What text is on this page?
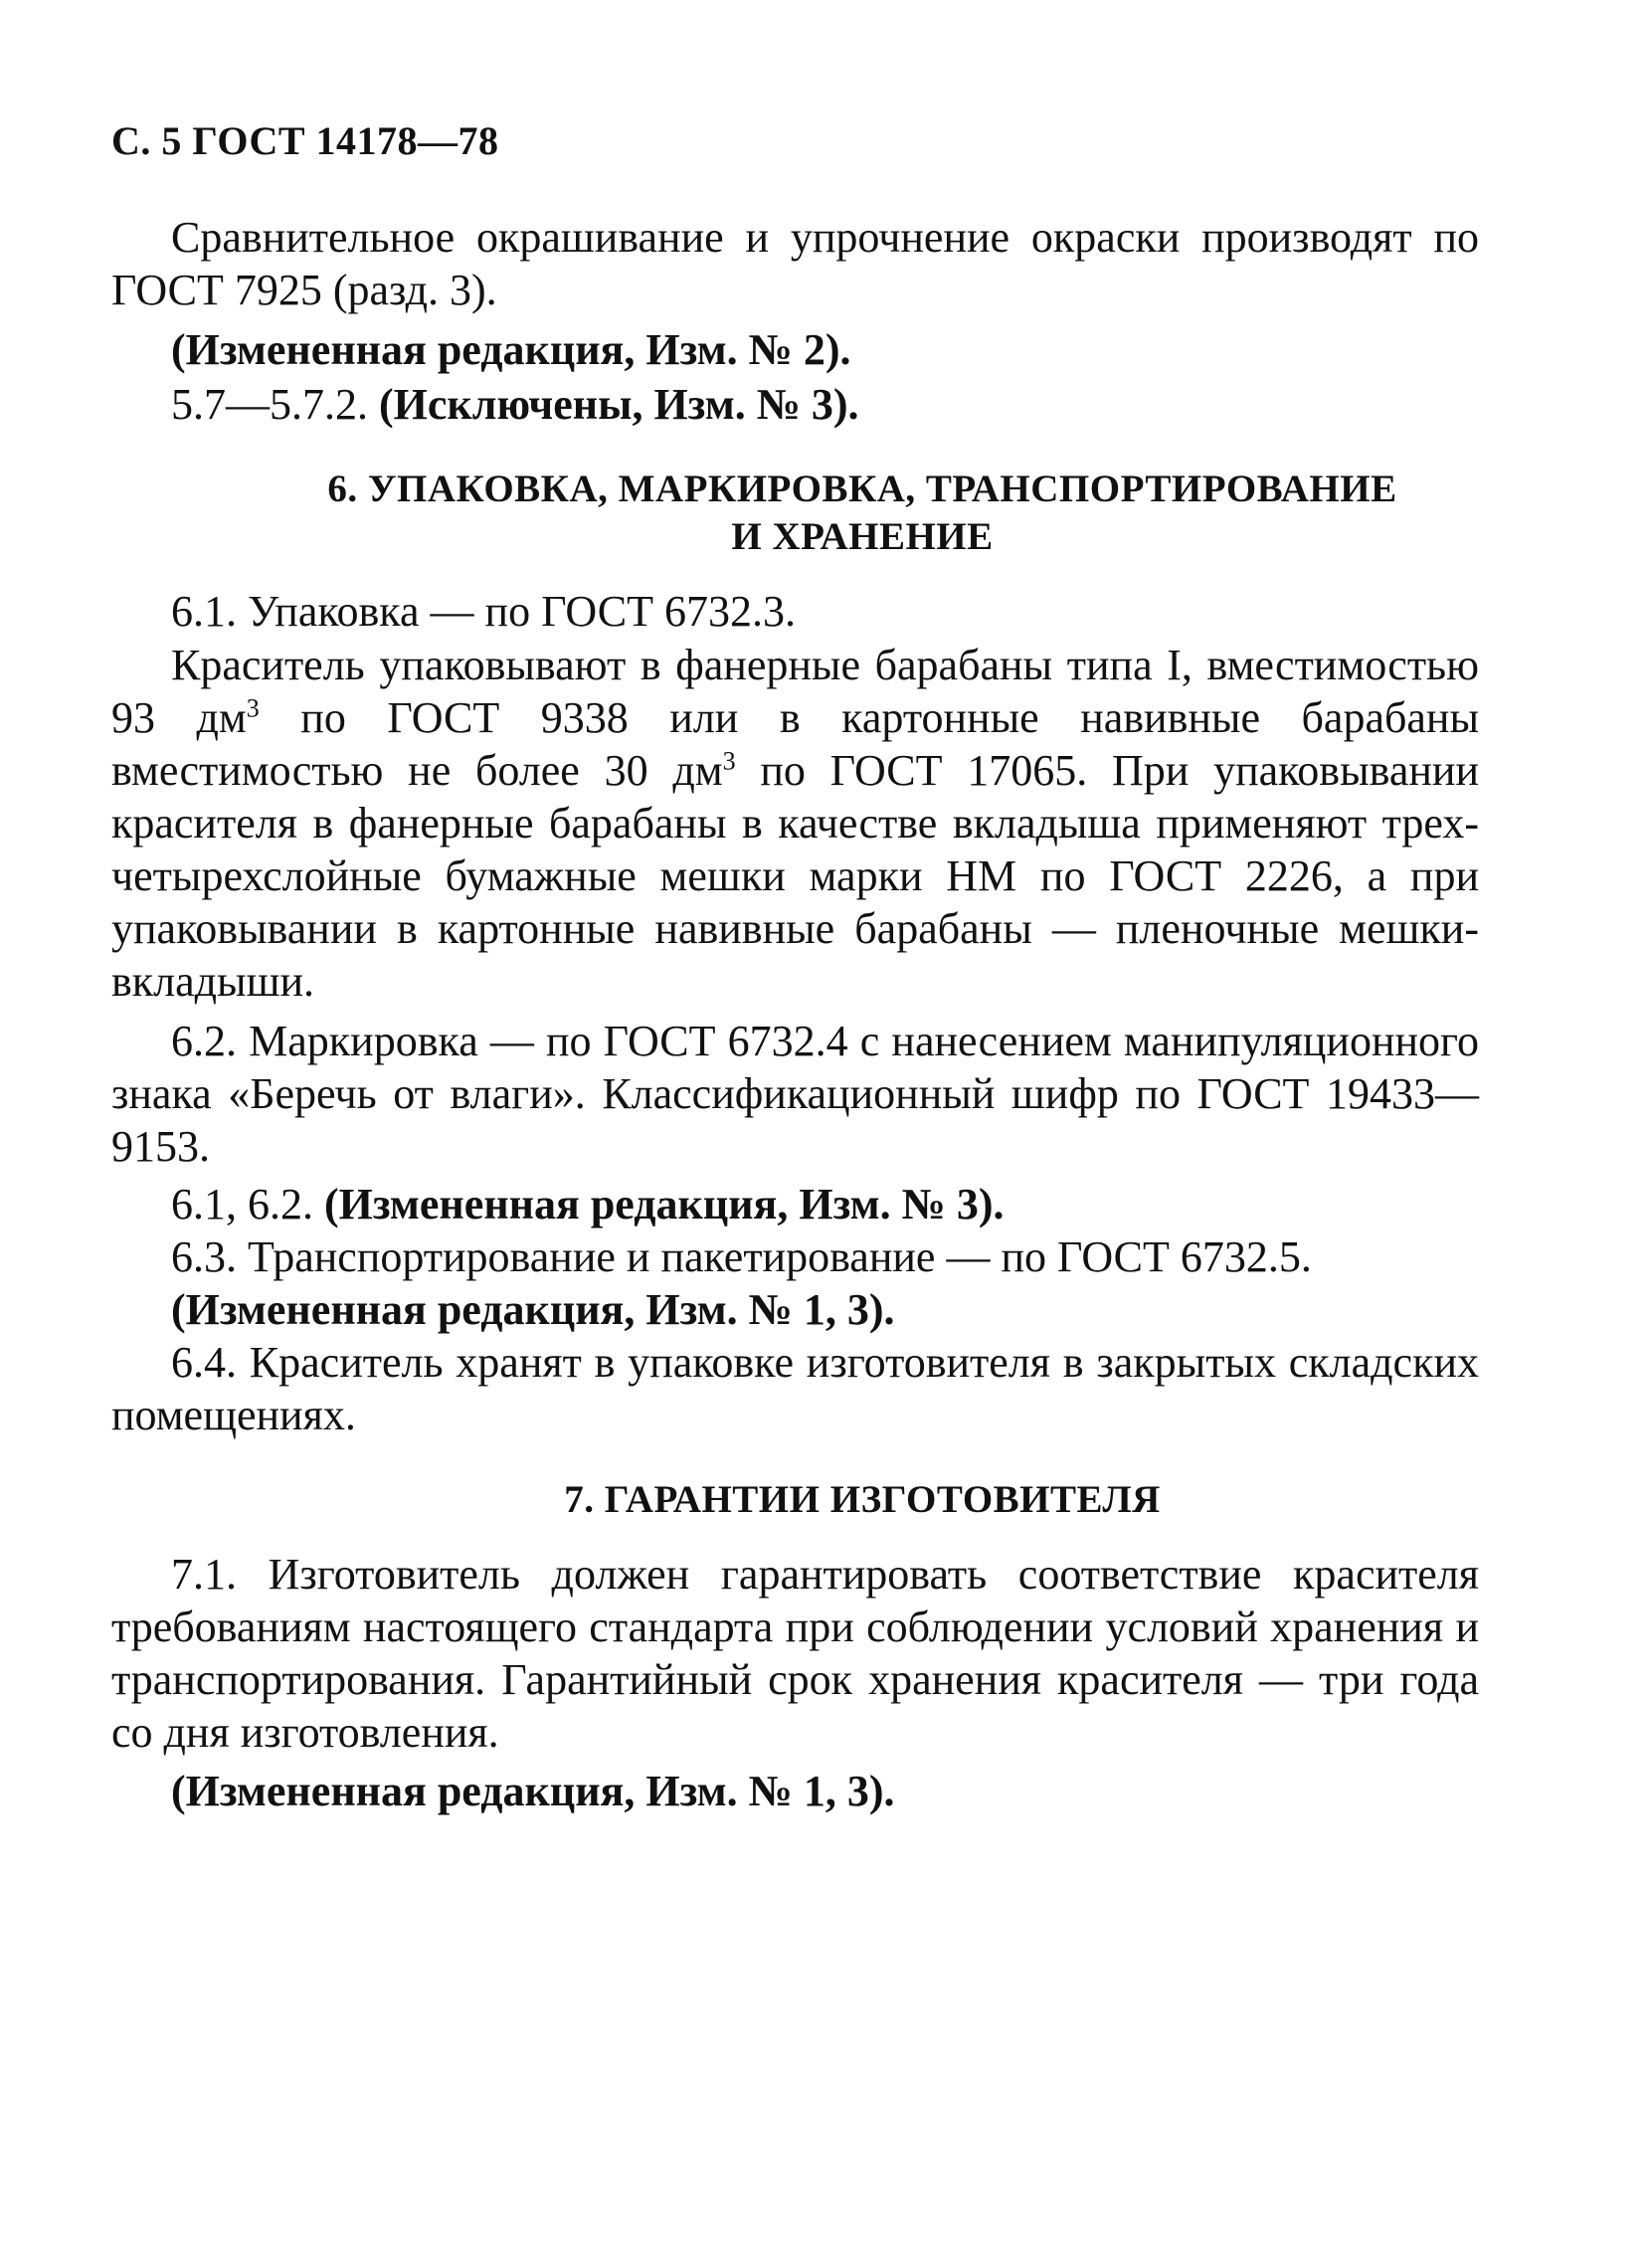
С. 5 ГОСТ 14178—78
Сравнительное окрашивание и упрочнение окраски производят по ГОСТ 7925 (разд. 3).
(Измененная редакция, Изм. № 2).
5.7—5.7.2. (Исключены, Изм. № 3).
6. УПАКОВКА, МАРКИРОВКА, ТРАНСПОРТИРОВАНИЕ
И ХРАНЕНИЕ
6.1. Упаковка — по ГОСТ 6732.3.
Краситель упаковывают в фанерные барабаны типа I, вместимостью 93 $дм^3$ по ГОСТ 9338 или в картонные навивные барабаны вместимостью не более 30 $дм^3$ по ГОСТ 17065. При упаковывании красителя в фанерные барабаны в качестве вкладыша применяют трех-четырехслойные бумажные мешки марки НМ по ГОСТ 2226, а при упаковывании в картонные навивные барабаны — пленочные мешки-вкладыши.
6.2. Маркировка — по ГОСТ 6732.4 с нанесением манипуляционного знака «Беречь от влаги». Классификационный шифр по ГОСТ 19433—9153.
6.1, 6.2. (Измененная редакция, Изм. № 3).
6.3. Транспортирование и пакетирование — по ГОСТ 6732.5.
(Измененная редакция, Изм. № 1, 3).
6.4. Краситель хранят в упаковке изготовителя в закрытых складских помещениях.
7. ГАРАНТИИ ИЗГОТОВИТЕЛЯ
7.1. Изготовитель должен гарантировать соответствие красителя требованиям настоящего стандарта при соблюдении условий хранения и транспортирования. Гарантийный срок хранения красителя — три года со дня изготовления.
(Измененная редакция, Изм. № 1, 3).
